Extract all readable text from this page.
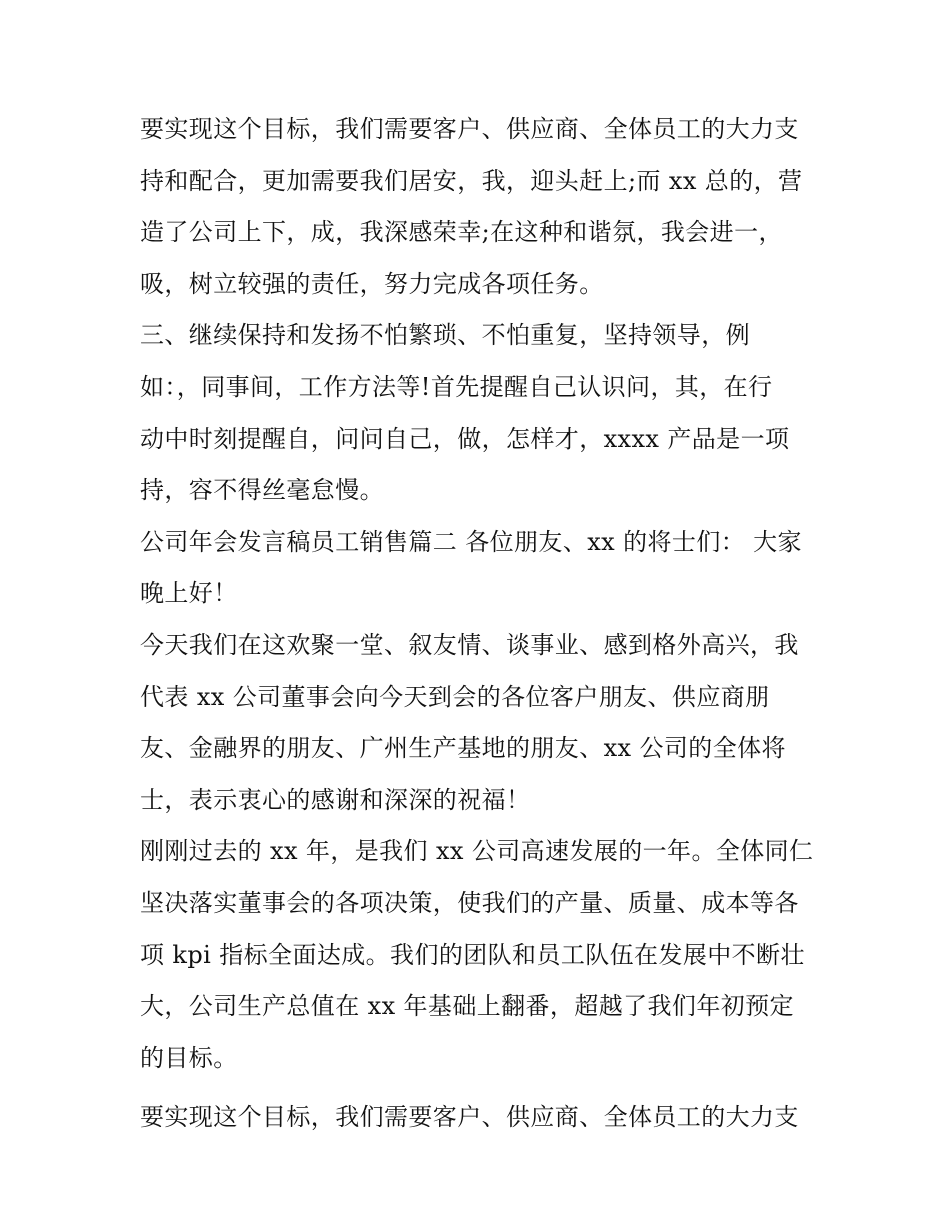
要实现这个目标，我们需要客户、供应商、全体员工的大力支
持和配合，更加需要我们居安，我，迎头赶上;而 xx 总的，营
造了公司上下，成，我深感荣幸;在这种和谐氛，我会进一，
吸，树立较强的责任，努力完成各项任务。
三、继续保持和发扬不怕繁琐、不怕重复，坚持领导，例
如：，同事间，工作方法等!首先提醒自己认识问，其，在行
动中时刻提醒自，问问自己，做，怎样才，xxxx 产品是一项
持，容不得丝毫怠慢。
公司年会发言稿员工销售篇二 各位朋友、xx 的将士们： 大家
晚上好！
今天我们在这欢聚一堂、叙友情、谈事业、感到格外高兴，我
代表 xx 公司董事会向今天到会的各位客户朋友、供应商朋
友、金融界的朋友、广州生产基地的朋友、xx 公司的全体将
士，表示衷心的感谢和深深的祝福！
刚刚过去的 xx 年，是我们 xx 公司高速发展的一年。全体同仁
坚决落实董事会的各项决策，使我们的产量、质量、成本等各
项 kpi 指标全面达成。我们的团队和员工队伍在发展中不断壮
大，公司生产总值在 xx 年基础上翻番，超越了我们年初预定
的目标。
要实现这个目标，我们需要客户、供应商、全体员工的大力支
